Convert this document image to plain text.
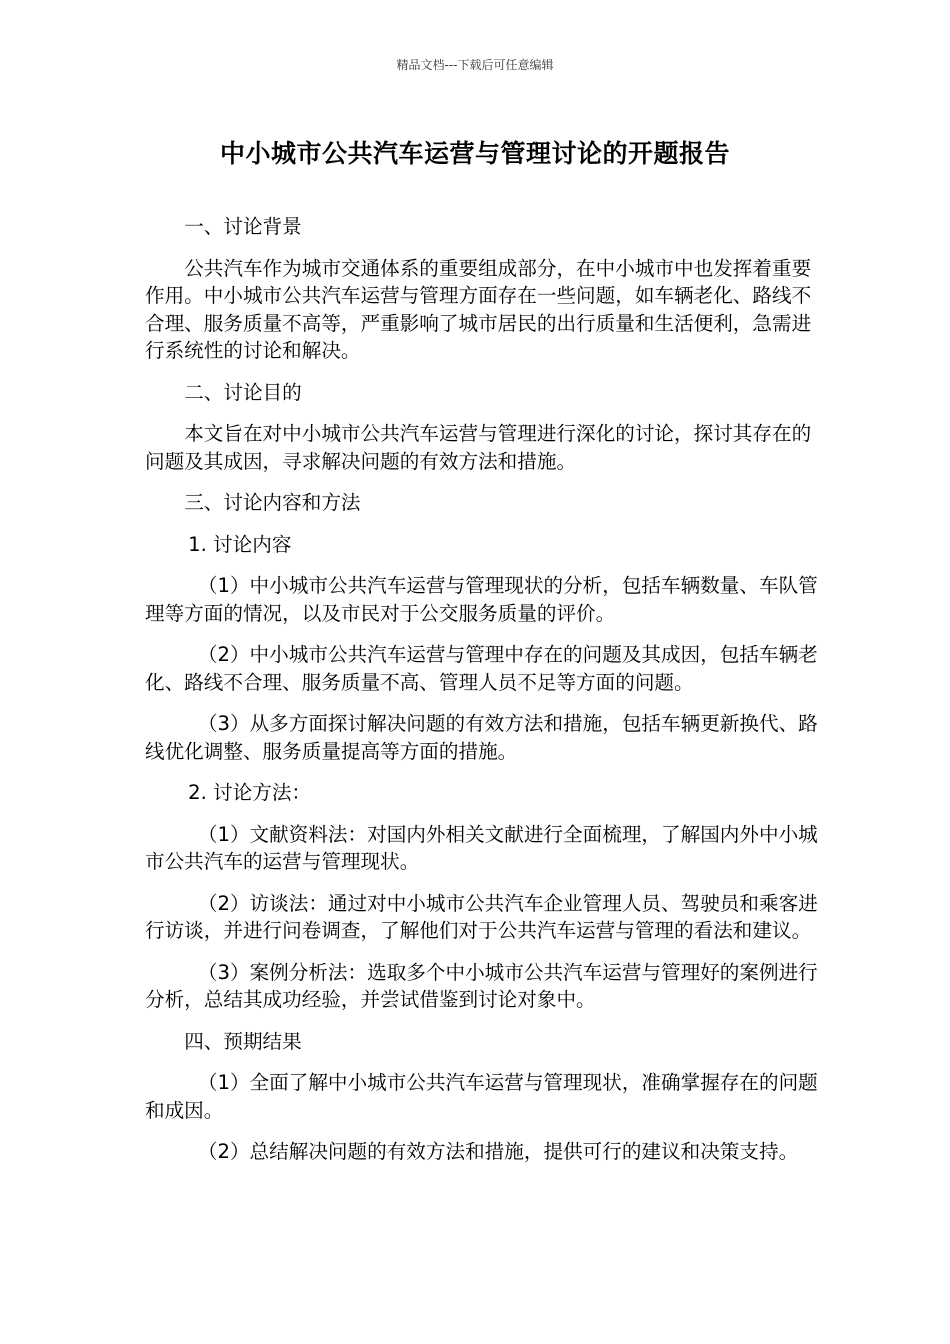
精品文档---下载后可任意编辑
中小城市公共汽车运营与管理讨论的开题报告

一、讨论背景

公共汽车作为城市交通体系的重要组成部分，在中小城市中也发挥着重要作用。中小城市公共汽车运营与管理方面存在一些问题，如车辆老化、路线不合理、服务质量不高等，严重影响了城市居民的出行质量和生活便利，急需进行系统性的讨论和解决。

二、讨论目的

本文旨在对中小城市公共汽车运营与管理进行深化的讨论，探讨其存在的问题及其成因，寻求解决问题的有效方法和措施。

三、讨论内容和方法

1. 讨论内容

（1）中小城市公共汽车运营与管理现状的分析，包括车辆数量、车队管理等方面的情况，以及市民对于公交服务质量的评价。

（2）中小城市公共汽车运营与管理中存在的问题及其成因，包括车辆老化、路线不合理、服务质量不高、管理人员不足等方面的问题。

（3）从多方面探讨解决问题的有效方法和措施，包括车辆更新换代、路线优化调整、服务质量提高等方面的措施。

2. 讨论方法：

（1）文献资料法：对国内外相关文献进行全面梳理，了解国内外中小城市公共汽车的运营与管理现状。

（2）访谈法：通过对中小城市公共汽车企业管理人员、驾驶员和乘客进行访谈，并进行问卷调查，了解他们对于公共汽车运营与管理的看法和建议。

（3）案例分析法：选取多个中小城市公共汽车运营与管理好的案例进行分析，总结其成功经验，并尝试借鉴到讨论对象中。

四、预期结果

（1）全面了解中小城市公共汽车运营与管理现状，准确掌握存在的问题和成因。

（2）总结解决问题的有效方法和措施，提供可行的建议和决策支持。
